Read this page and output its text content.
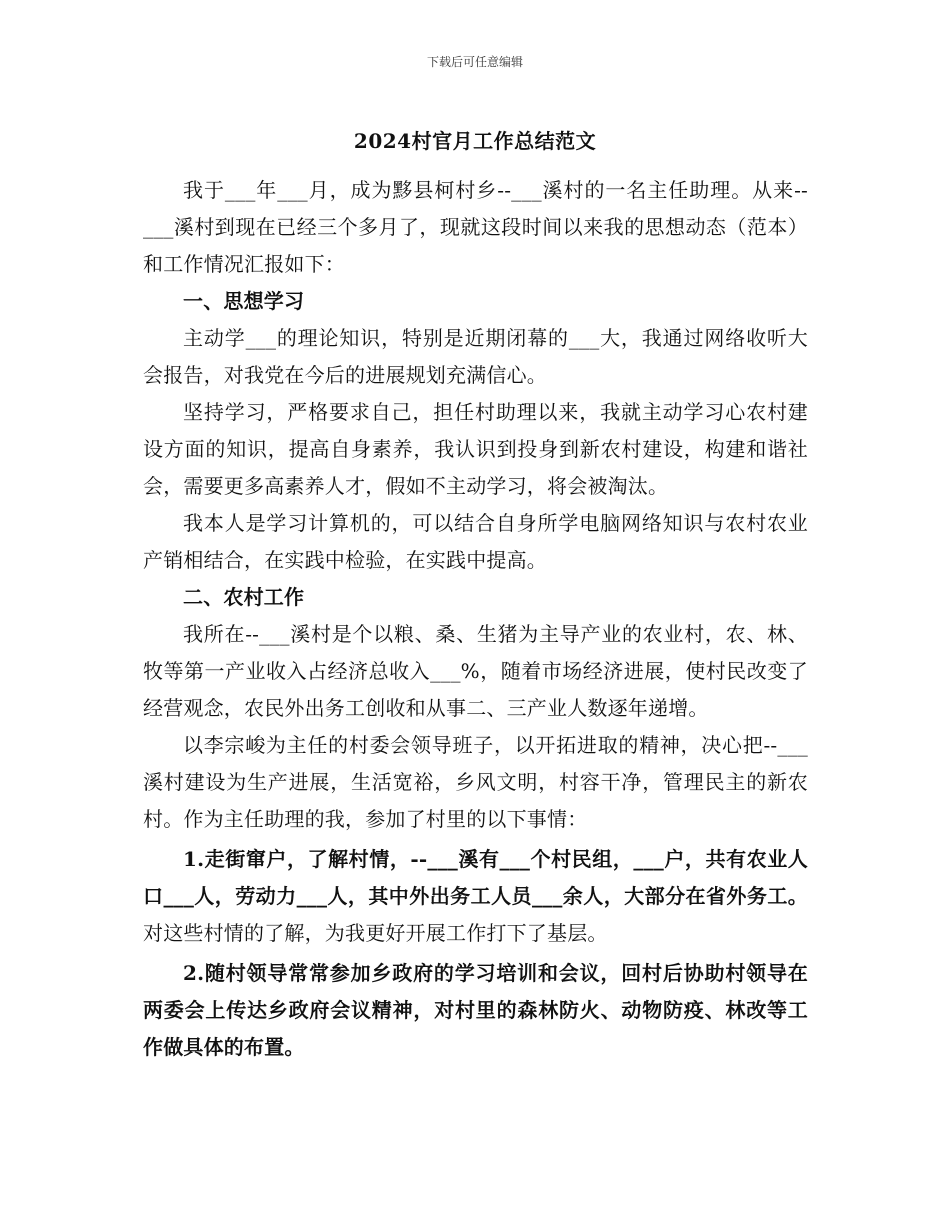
下载后可任意编辑
2024村官月工作总结范文

我于___年___月，成为黟县柯村乡--___溪村的一名主任助理。从来--___溪村到现在已经三个多月了，现就这段时间以来我的思想动态（范本）和工作情况汇报如下：

一、思想学习

主动学___的理论知识，特别是近期闭幕的___大，我通过网络收听大会报告，对我党在今后的进展规划充满信心。

坚持学习，严格要求自己，担任村助理以来，我就主动学习心农村建设方面的知识，提高自身素养，我认识到投身到新农村建设，构建和谐社会，需要更多高素养人才，假如不主动学习，将会被淘汰。

我本人是学习计算机的，可以结合自身所学电脑网络知识与农村农业产销相结合，在实践中检验，在实践中提高。

二、农村工作

我所在--___溪村是个以粮、桑、生猪为主导产业的农业村，农、林、牧等第一产业收入占经济总收入___%，随着市场经济进展，使村民改变了经营观念，农民外出务工创收和从事二、三产业人数逐年递增。

以李宗峻为主任的村委会领导班子，以开拓进取的精神，决心把--___溪村建设为生产进展，生活宽裕，乡风文明，村容干净，管理民主的新农村。作为主任助理的我，参加了村里的以下事情：

1.走街窜户，了解村情，--___溪有___个村民组，___户，共有农业人口___人，劳动力___人，其中外出务工人员___余人，大部分在省外务工。对这些村情的了解，为我更好开展工作打下了基层。

2.随村领导常常参加乡政府的学习培训和会议，回村后协助村领导在两委会上传达乡政府会议精神，对村里的森林防火、动物防疫、林改等工作做具体的布置。
